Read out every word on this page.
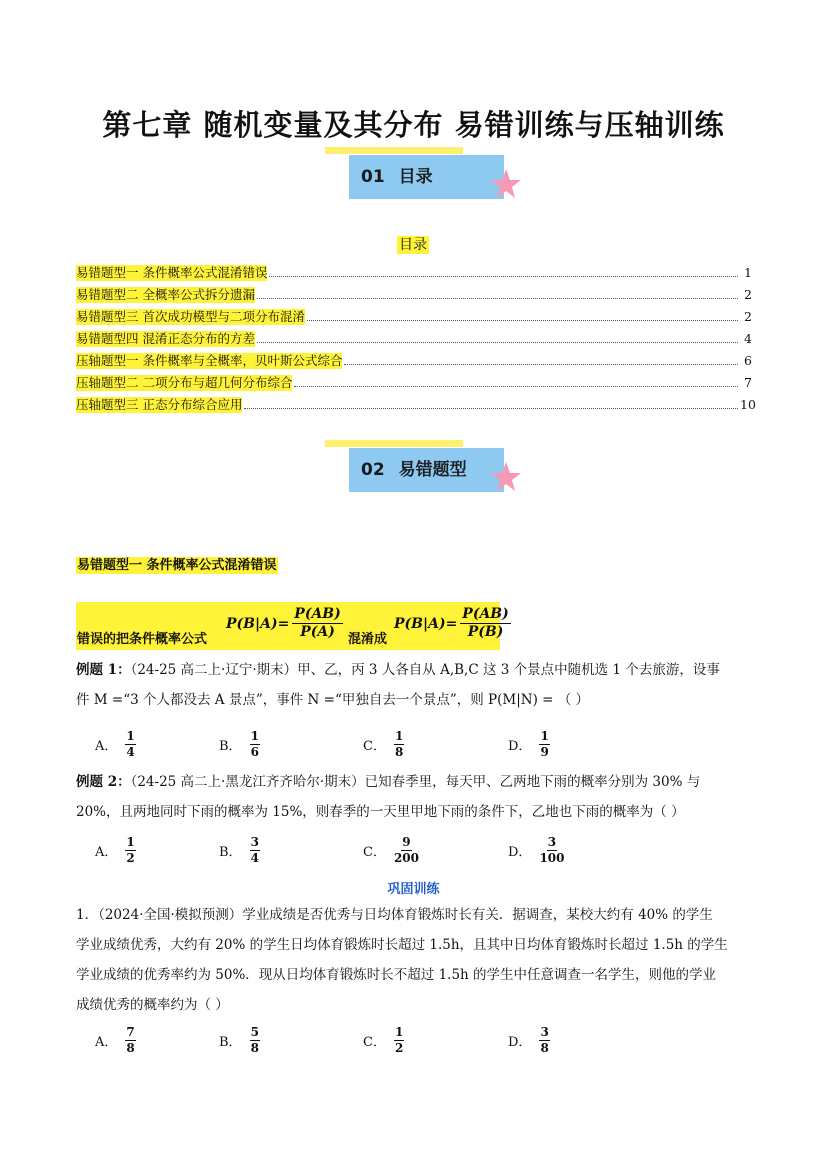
第七章 随机变量及其分布 易错训练与压轴训练
01 目录
目录
易错题型一 条件概率公式混淆错误	1
易错题型二 全概率公式拆分遗漏	2
易错题型三 首次成功模型与二项分布混淆	2
易错题型四 混淆正态分布的方差	4
压轴题型一 条件概率与全概率，贝叶斯公式综合	6
压轴题型二 二项分布与超几何分布综合	7
压轴题型三 正态分布综合应用	10
02 易错题型
易错题型一 条件概率公式混淆错误
错误的把条件概率公式
$P(B|A)= \frac{P(AB)}{P(A)}$ 混淆成
$P(B|A)= \frac{P(AB)}{P(B)}$
例题 1：（24-25 高二上·辽宁·期末）甲、乙，丙 3 人各自从 A,B,C 这 3 个景点中随机选 1 个去旅游，设事
件 M =“3 个人都没去 A 景点”，事件 N =“甲独自去一个景点”，则 P(M|N) = （ ）
A．
1
4	B．
1
6	C．
1
8	D．
1
9
例题 2：（24-25 高二上·黑龙江齐齐哈尔·期末）已知春季里，每天甲、乙两地下雨的概率分别为 30% 与
20%，且两地同时下雨的概率为 15%，则春季的一天里甲地下雨的条件下，乙地也下雨的概率为（ ）
A．
1
2	B．
3
4	C．
9
200	D．
3
100
巩固训练
1．（2024·全国·模拟预测）学业成绩是否优秀与日均体育锻炼时长有关．据调查，某校大约有 40% 的学生
学业成绩优秀，大约有 20% 的学生日均体育锻炼时长超过 1.5h，且其中日均体育锻炼时长超过 1.5h 的学生
学业成绩的优秀率约为 50%．现从日均体育锻炼时长不超过 1.5h 的学生中任意调查一名学生，则他的学业
成绩优秀的概率约为（ ）
A．
7
8	B．
5
8	C．
1
2	D．
3
8
